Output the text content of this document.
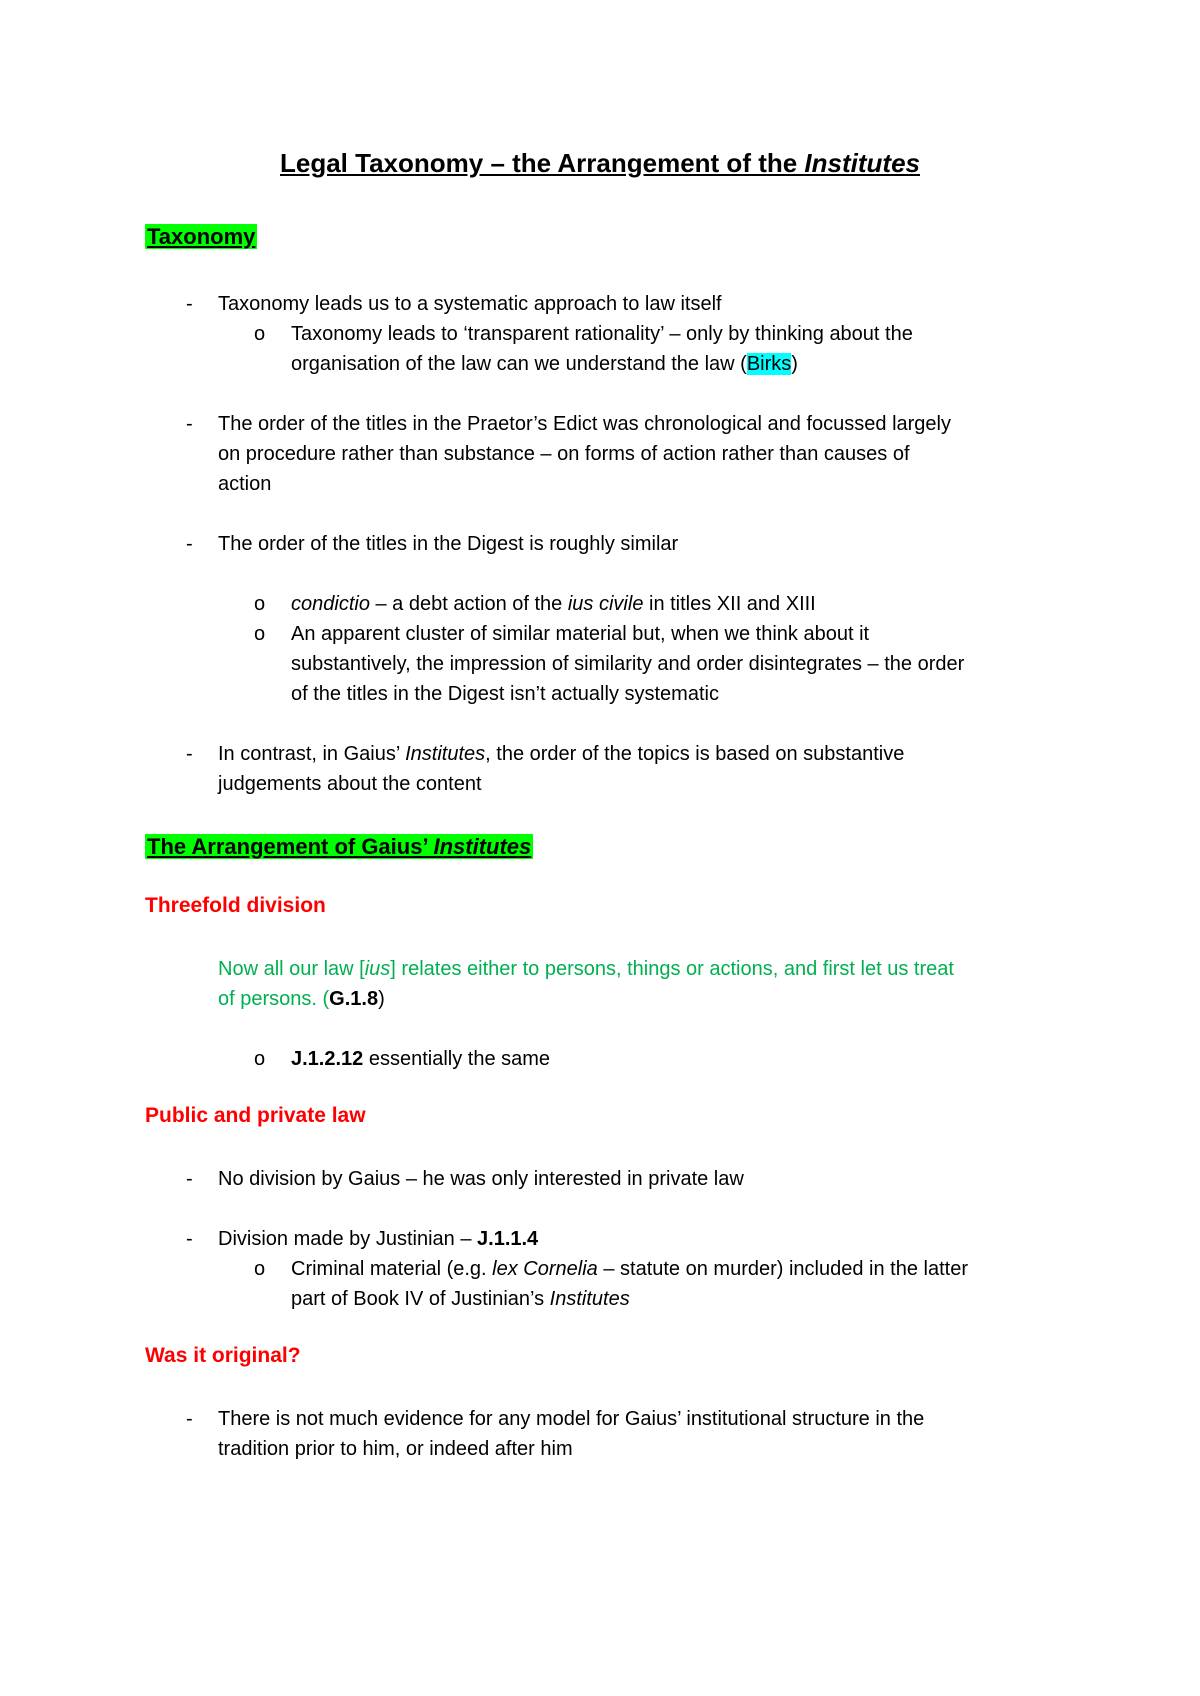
Legal Taxonomy – the Arrangement of the Institutes
Taxonomy
- Taxonomy leads us to a systematic approach to law itself
o Taxonomy leads to ‘transparent rationality’ – only by thinking about the
organisation of the law can we understand the law (Birks)
- The order of the titles in the Praetor’s Edict was chronological and focussed largely
on procedure rather than substance – on forms of action rather than causes of
action
- The order of the titles in the Digest is roughly similar
o condictio – a debt action of the ius civile in titles XII and XIII
o An apparent cluster of similar material but, when we think about it
substantively, the impression of similarity and order disintegrates – the order
of the titles in the Digest isn’t actually systematic
- In contrast, in Gaius’ Institutes, the order of the topics is based on substantive
judgements about the content
The Arrangement of Gaius’ Institutes
Threefold division
Now all our law [ius] relates either to persons, things or actions, and first let us treat
of persons. (G.1.8)
o J.1.2.12 essentially the same
Public and private law
- No division by Gaius – he was only interested in private law
- Division made by Justinian – J.1.1.4
o Criminal material (e.g. lex Cornelia – statute on murder) included in the latter
part of Book IV of Justinian’s Institutes
Was it original?
- There is not much evidence for any model for Gaius’ institutional structure in the
tradition prior to him, or indeed after him
